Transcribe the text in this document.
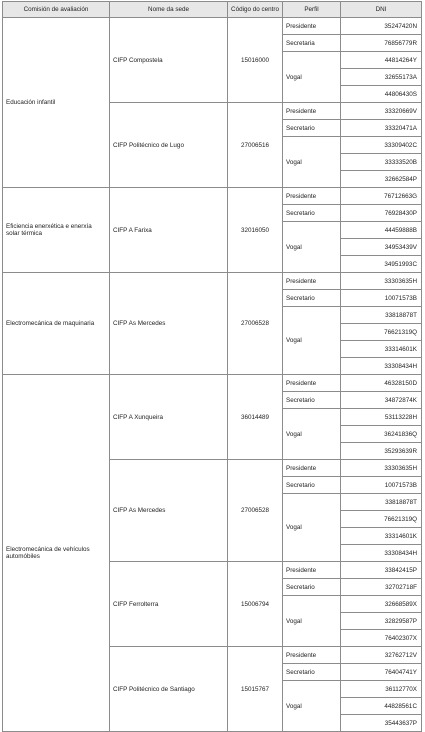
Comisión de avaliación	Nome da sede	Código do centro	Perfil	DNI
Educación infantil	CIFP Compostela	15016000	Presidente	35247420N
			Secretaria	76856779R
			Vogal	44814264Y
				32655173A
				44806430S
	CIFP Politécnico de Lugo	27006516	Presidente	33320669V
			Secretario	33320471A
			Vogal	33309402C
				33333520B
				32662584P
Eficiencia enerxética e enerxía solar térmica	CIFP A Farixa	32016050	Presidente	76712663G
			Secretario	76928430P
			Vogal	44459888B
				34953439V
				34951993C
Electromecánica de maquinaria	CIFP As Mercedes	27006528	Presidente	33303635H
			Secretario	10071573B
			Vogal	33818878T
				76621319Q
				33314601K
				33308434H
Electromecánica de vehículos automóbiles	CIFP A Xunqueira	36014489	Presidente	46328150D
			Secretario	34872874K
			Vogal	53113228H
				36241836Q
				35293639R
	CIFP As Mercedes	27006528	Presidente	33303635H
			Secretario	10071573B
			Vogal	33818878T
				76621319Q
				33314601K
				33308434H
	CIFP Ferrolterra	15006794	Presidente	33842415P
			Secretario	32702718F
			Vogal	32668589X
				32829587P
				76402307X
	CIFP Politécnico de Santiago	15015767	Presidente	32762712V
			Secretario	76404741Y
			Vogal	36112770X
				44828561C
				35443637P
